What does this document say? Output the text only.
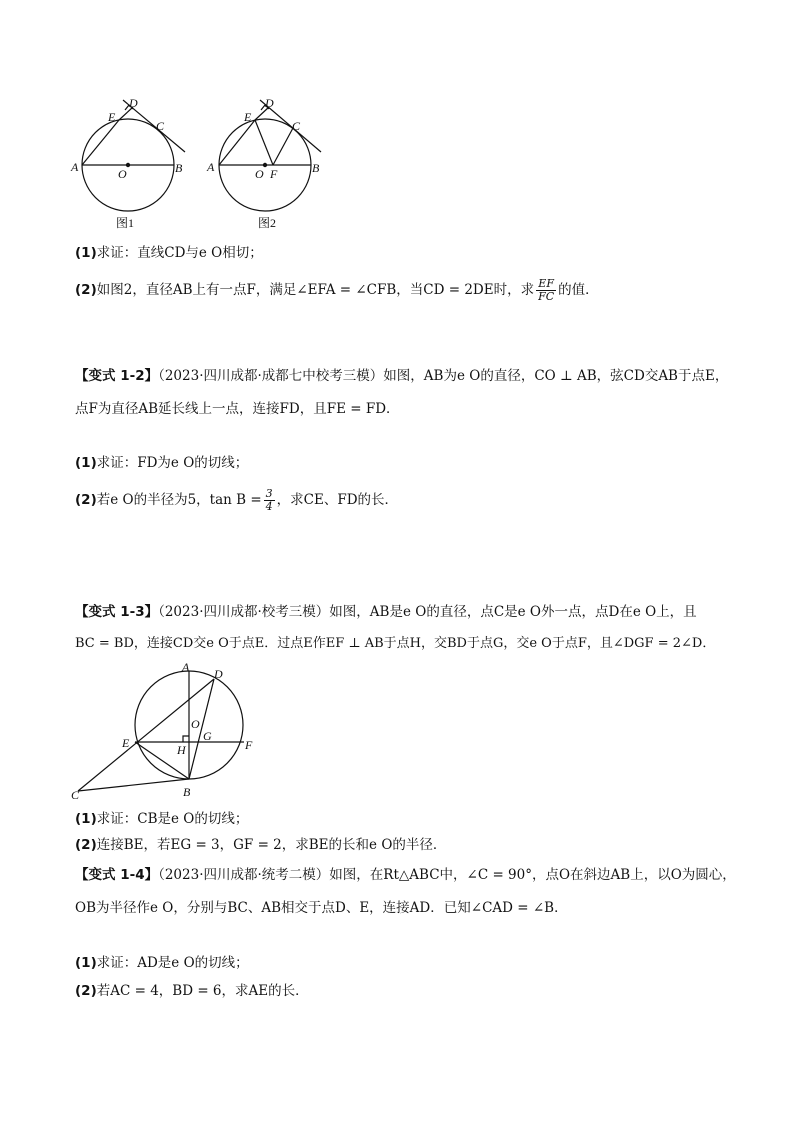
D
E
C
A	O	B
图1
D
E
C
A	O F	B
图2
(1)求证：直线CD与e O相切；
(2)如图2，直径AB上有一点F，满足∠EFA = ∠CFB，当CD = 2DE时，求 $\frac{EF}{FC}$ 的值．
【变式 1-2】（2023·四川成都·成都七中校考三模）如图，AB为e O的直径，CO ⊥ AB，弦CD交AB于点E，
点F为直径AB延长线上一点，连接FD，且FE = FD．
(1)求证：FD为e O的切线；
(2)若e O的半径为5，$\tan B = \frac{3}{4}$ ，求CE、FD的长．
【变式 1-3】（2023·四川成都·校考三模）如图，AB是e O的直径，点C是e O外一点，点D在e O上，且
BC = BD，连接CD交e O于点E．过点E作EF ⊥ AB于点H，交BD于点G，交e O于点F，且∠DGF = 2∠D．
A D
O
E	G
H	F
C	B
(1)求证：CB是e O的切线；
(2)连接BE，若EG = 3，GF = 2，求BE的长和e O的半径．
【变式 1-4】（2023·四川成都·统考二模）如图，在Rt△ABC中，∠C = 90°，点O在斜边AB上，以O为圆心，
OB为半径作e O，分别与BC、AB相交于点D、E，连接AD．已知∠CAD = ∠B．
(1)求证：AD是e O的切线；
(2)若AC = 4，BD = 6，求AE的长．
